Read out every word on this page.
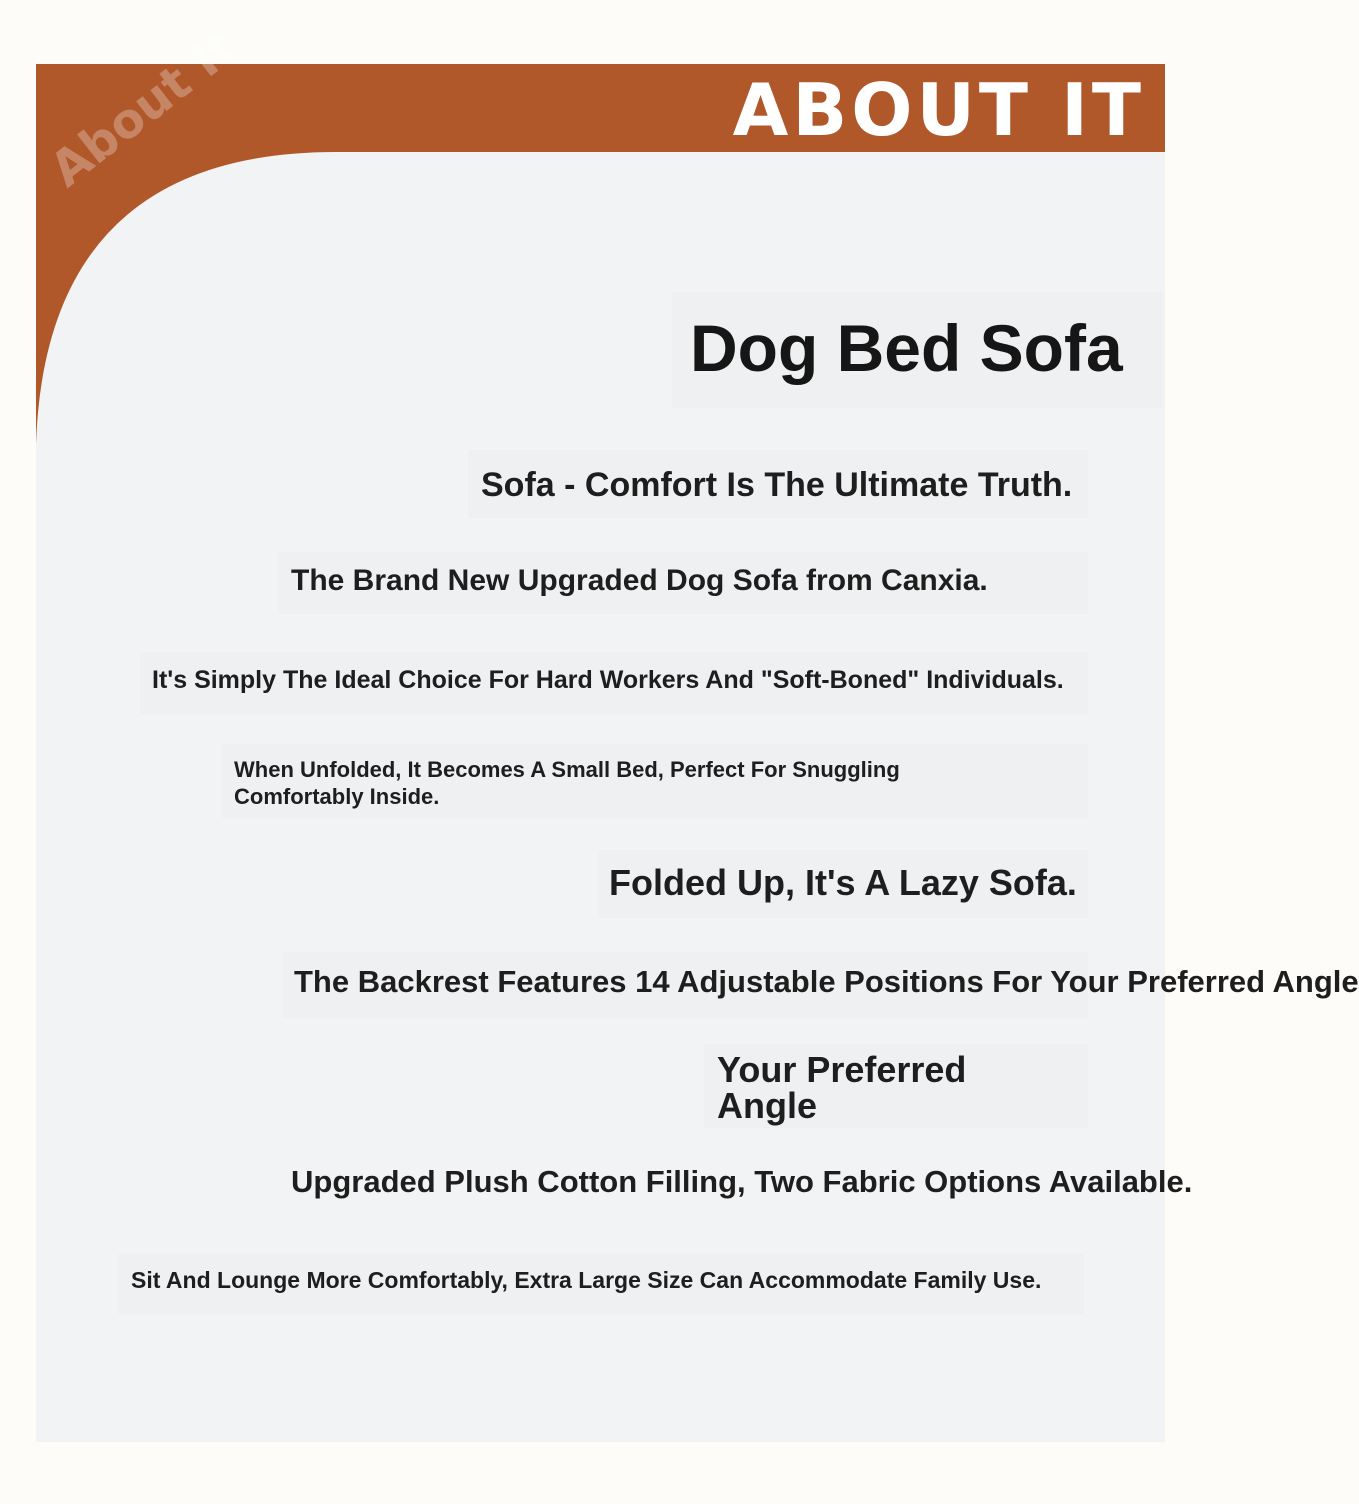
About It	ABOUT IT
Dog Bed Sofa
Sofa - Comfort Is The Ultimate Truth.
The Brand New Upgraded Dog Sofa from Canxia.
It's Simply The Ideal Choice For Hard Workers And "Soft-Boned" Individuals.
When Unfolded, It Becomes A Small Bed, Perfect For Snuggling Comfortably Inside.
Folded Up, It's A Lazy Sofa.
The Backrest Features 14 Adjustable Positions For Your Preferred Angle
Your Preferred Angle
Upgraded Plush Cotton Filling, Two Fabric Options Available.
Sit And Lounge More Comfortably, Extra Large Size Can Accommodate Family Use.
